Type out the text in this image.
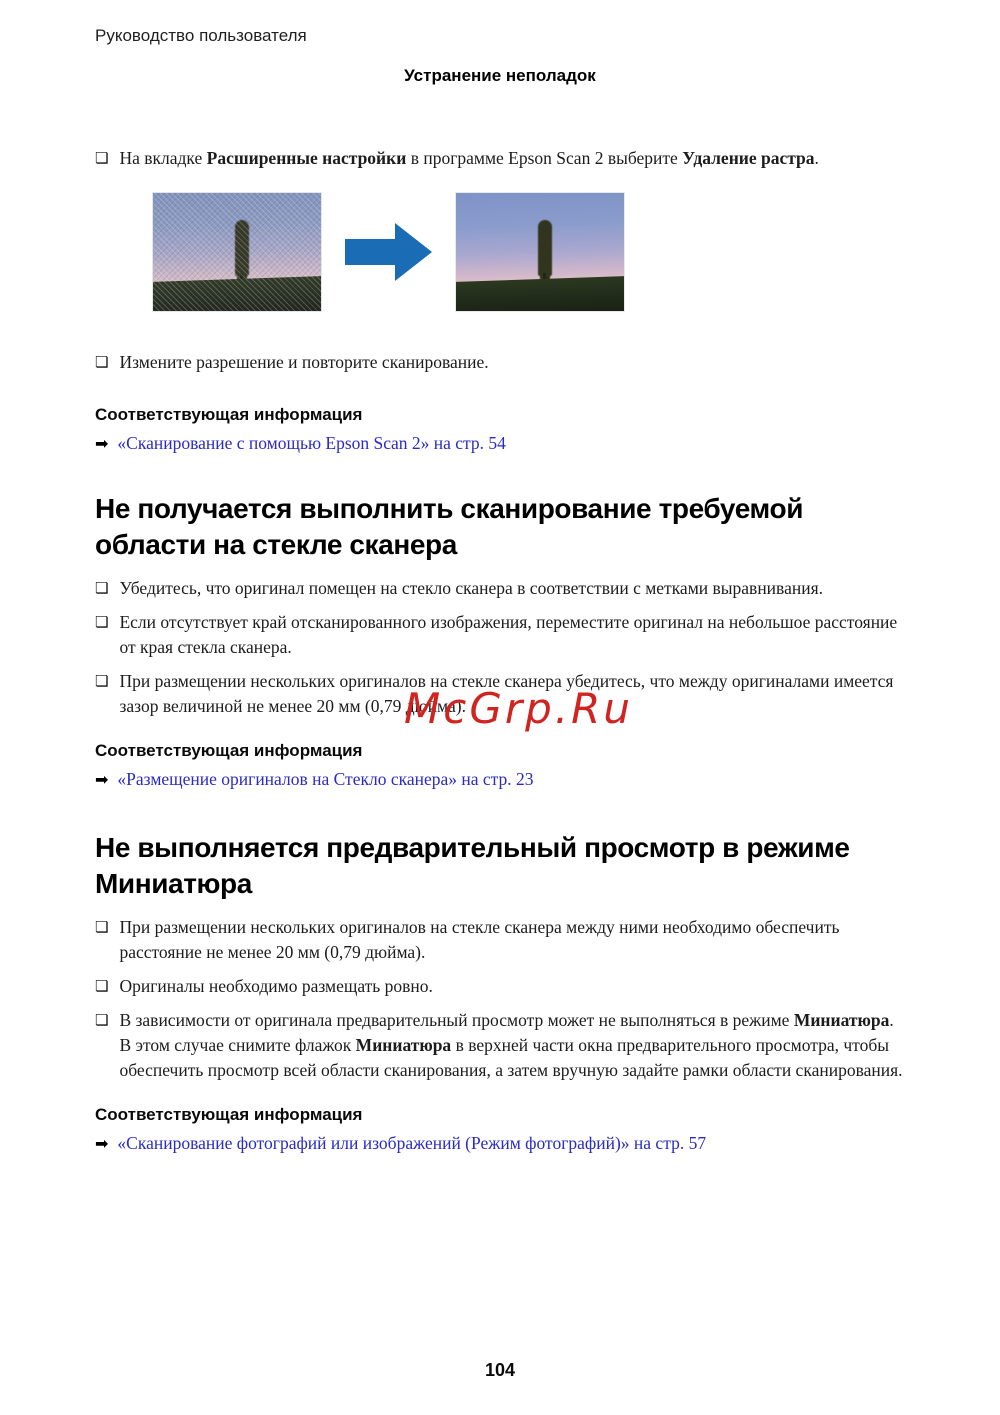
Руководство пользователя
Устранение неполадок
❏ На вкладке Расширенные настройки в программе Epson Scan 2 выберите Удаление растра.
❏ Измените разрешение и повторите сканирование.
Соответствующая информация
➡ «Сканирование с помощью Epson Scan 2» на стр. 54
Не получается выполнить сканирование требуемой области на стекле сканера
❏ Убедитесь, что оригинал помещен на стекло сканера в соответствии с метками выравнивания.
❏ Если отсутствует край отсканированного изображения, переместите оригинал на небольшое расстояние от края стекла сканера.
❏ При размещении нескольких оригиналов на стекле сканера убедитесь, что между оригиналами имеется зазор величиной не менее 20 мм (0,79 дюйма).
Соответствующая информация
➡ «Размещение оригиналов на Стекло сканера» на стр. 23
Не выполняется предварительный просмотр в режиме Миниатюра
❏ При размещении нескольких оригиналов на стекле сканера между ними необходимо обеспечить расстояние не менее 20 мм (0,79 дюйма).
❏ Оригиналы необходимо размещать ровно.
❏ В зависимости от оригинала предварительный просмотр может не выполняться в режиме Миниатюра. В этом случае снимите флажок Миниатюра в верхней части окна предварительного просмотра, чтобы обеспечить просмотр всей области сканирования, а затем вручную задайте рамки области сканирования.
Соответствующая информация
➡ «Сканирование фотографий или изображений (Режим фотографий)» на стр. 57
McGrp.Ru
104
